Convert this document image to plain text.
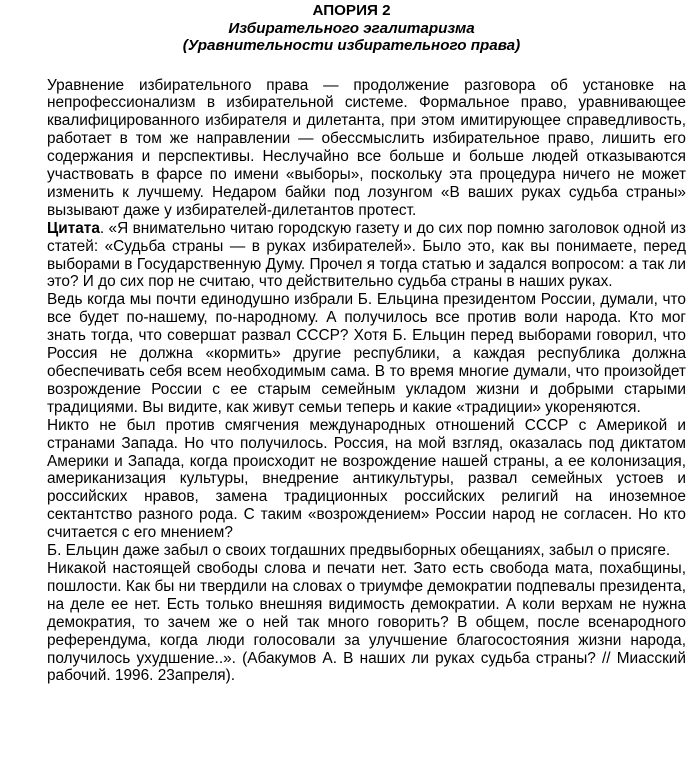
АПОРИЯ 2
Избирательного эгалитаризма
(Уравнительности избирательного права)

Уравнение избирательного права — продолжение разговора об установке на непрофессионализм в избирательной системе. Формальное право, уравнивающее квалифицированного избирателя и дилетанта, при этом имитирующее справедливость, работает в том же направлении — обессмыслить избирательное право, лишить его содержания и перспективы. Неслучайно все больше и больше людей отказываются участвовать в фарсе по имени «выборы», поскольку эта процедура ничего не может изменить к лучшему. Недаром байки под лозунгом «В ваших руках судьба страны» вызывают даже у избирателей-дилетантов протест.

Цитата. «Я внимательно читаю городскую газету и до сих пор помню заголовок одной из статей: «Судьба страны — в руках избирателей». Было это, как вы понимаете, перед выборами в Государственную Думу. Прочел я тогда статью и задался вопросом: а так ли это? И до сих пор не считаю, что действительно судьба страны в наших руках.

Ведь когда мы почти единодушно избрали Б. Ельцина президентом России, думали, что все будет по-нашему, по-народному. А получилось все против воли народа. Кто мог знать тогда, что совершат развал СССР? Хотя Б. Ельцин перед выборами говорил, что Россия не должна «кормить» другие республики, а каждая республика должна обеспечивать себя всем необходимым сама. В то время многие думали, что произойдет возрождение России с ее старым семейным укладом жизни и добрыми старыми традициями. Вы видите, как живут семьи теперь и какие «традиции» укореняются.

Никто не был против смягчения международных отношений СССР с Америкой и странами Запада. Но что получилось. Россия, на мой взгляд, оказалась под диктатом Америки и Запада, когда происходит не возрождение нашей страны, а ее колонизация, американизация культуры, внедрение антикультуры, развал семейных устоев и российских нравов, замена традиционных российских религий на иноземное сектантство разного рода. С таким «возрождением» России народ не согласен. Но кто считается с его мнением?

Б. Ельцин даже забыл о своих тогдашних предвыборных обещаниях, забыл о присяге.

Никакой настоящей свободы слова и печати нет. Зато есть свобода мата, похабщины, пошлости. Как бы ни твердили на словах о триумфе демократии подпевалы президента, на деле ее нет. Есть только внешняя видимость демократии. А коли верхам не нужна демократия, то зачем же о ней так много говорить? В общем, после всенародного референдума, когда люди голосовали за улучшение благосостояния жизни народа, получилось ухудшение..». (Абакумов А. В наших ли руках судьба страны? // Миасский рабочий. 1996. 23апреля).
